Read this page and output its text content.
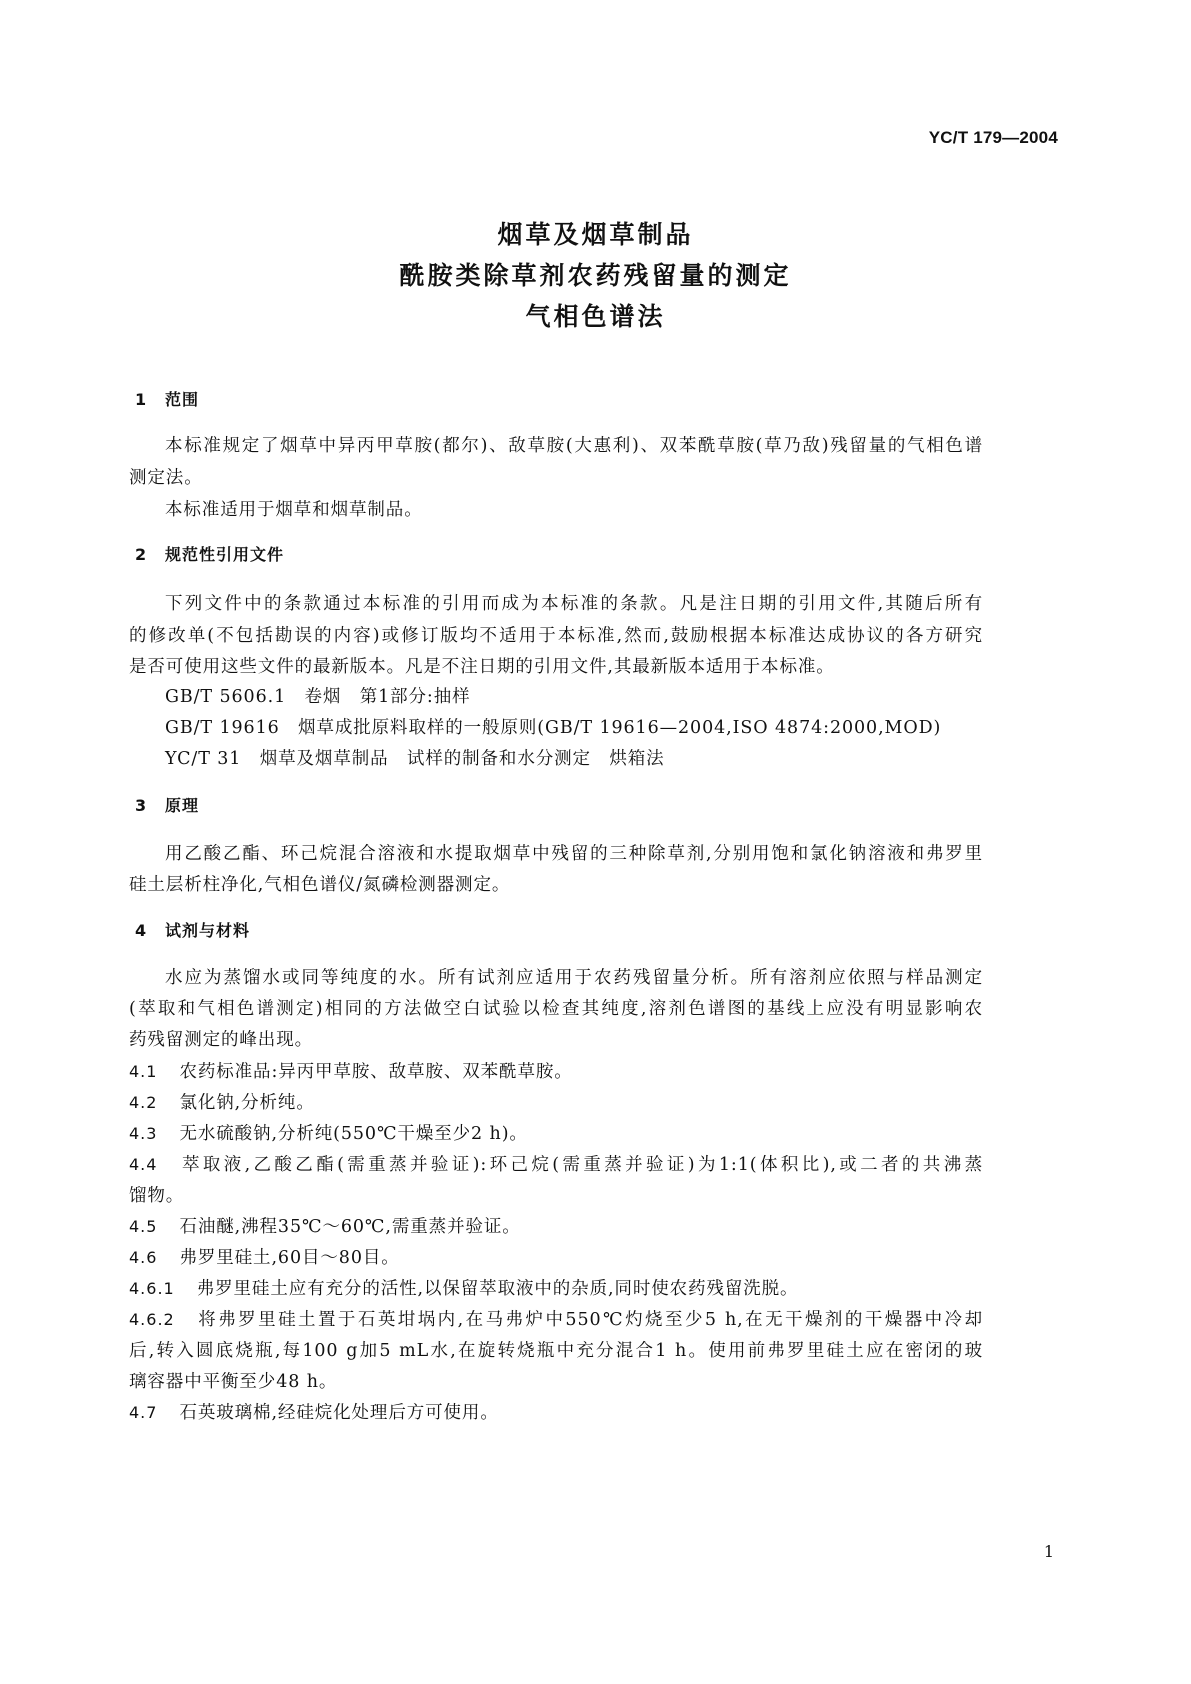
YC/T 179—2004
烟草及烟草制品
酰胺类除草剂农药残留量的测定
气相色谱法
1 范围
本标准规定了烟草中异丙甲草胺(都尔)、敌草胺(大惠利)、双苯酰草胺(草乃敌)残留量的气相色谱
测定法。
本标准适用于烟草和烟草制品。
2 规范性引用文件
下列文件中的条款通过本标准的引用而成为本标准的条款。凡是注日期的引用文件,其随后所有
的修改单(不包括勘误的内容)或修订版均不适用于本标准,然而,鼓励根据本标准达成协议的各方研究
是否可使用这些文件的最新版本。凡是不注日期的引用文件,其最新版本适用于本标准。
GB/T 5606.1　卷烟　第1部分:抽样
GB/T 19616　烟草成批原料取样的一般原则(GB/T 19616—2004,ISO 4874:2000,MOD)
YC/T 31　烟草及烟草制品　试样的制备和水分测定　烘箱法
3 原理
用乙酸乙酯、环己烷混合溶液和水提取烟草中残留的三种除草剂,分别用饱和氯化钠溶液和弗罗里
硅土层析柱净化,气相色谱仪/氮磷检测器测定。
4 试剂与材料
水应为蒸馏水或同等纯度的水。所有试剂应适用于农药残留量分析。所有溶剂应依照与样品测定
(萃取和气相色谱测定)相同的方法做空白试验以检查其纯度,溶剂色谱图的基线上应没有明显影响农
药残留测定的峰出现。
4.1 农药标准品:异丙甲草胺、敌草胺、双苯酰草胺。
4.2 氯化钠,分析纯。
4.3 无水硫酸钠,分析纯(550℃干燥至少2 h)。
4.4 萃取液,乙酸乙酯(需重蒸并验证):环己烷(需重蒸并验证)为1:1(体积比),或二者的共沸蒸
馏物。
4.5 石油醚,沸程35℃～60℃,需重蒸并验证。
4.6 弗罗里硅土,60目～80目。
4.6.1 弗罗里硅土应有充分的活性,以保留萃取液中的杂质,同时使农药残留洗脱。
4.6.2 将弗罗里硅土置于石英坩埚内,在马弗炉中550℃灼烧至少5 h,在无干燥剂的干燥器中冷却
后,转入圆底烧瓶,每100 g加5 mL水,在旋转烧瓶中充分混合1 h。使用前弗罗里硅土应在密闭的玻
璃容器中平衡至少48 h。
4.7 石英玻璃棉,经硅烷化处理后方可使用。
1
